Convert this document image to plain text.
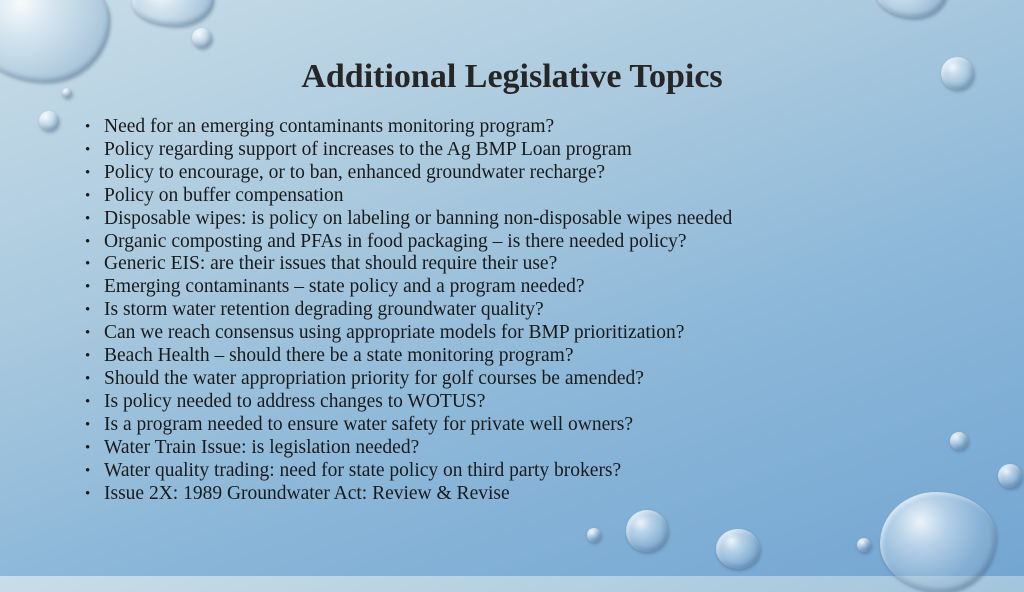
Additional Legislative Topics
• Need for an emerging contaminants monitoring program?
• Policy regarding support of increases to the Ag BMP Loan program
• Policy to encourage, or to ban, enhanced groundwater recharge?
• Policy on buffer compensation
• Disposable wipes: is policy on labeling or banning non-disposable wipes needed
• Organic composting and PFAs in food packaging – is there needed policy?
• Generic EIS: are their issues that should require their use?
• Emerging contaminants – state policy and a program needed?
• Is storm water retention degrading groundwater quality?
• Can we reach consensus using appropriate models for BMP prioritization?
• Beach Health – should there be a state monitoring program?
• Should the water appropriation priority for golf courses be amended?
• Is policy needed to address changes to WOTUS?
• Is a program needed to ensure water safety for private well owners?
• Water Train Issue: is legislation needed?
• Water quality trading: need for state policy on third party brokers?
• Issue 2X: 1989 Groundwater Act: Review & Revise
